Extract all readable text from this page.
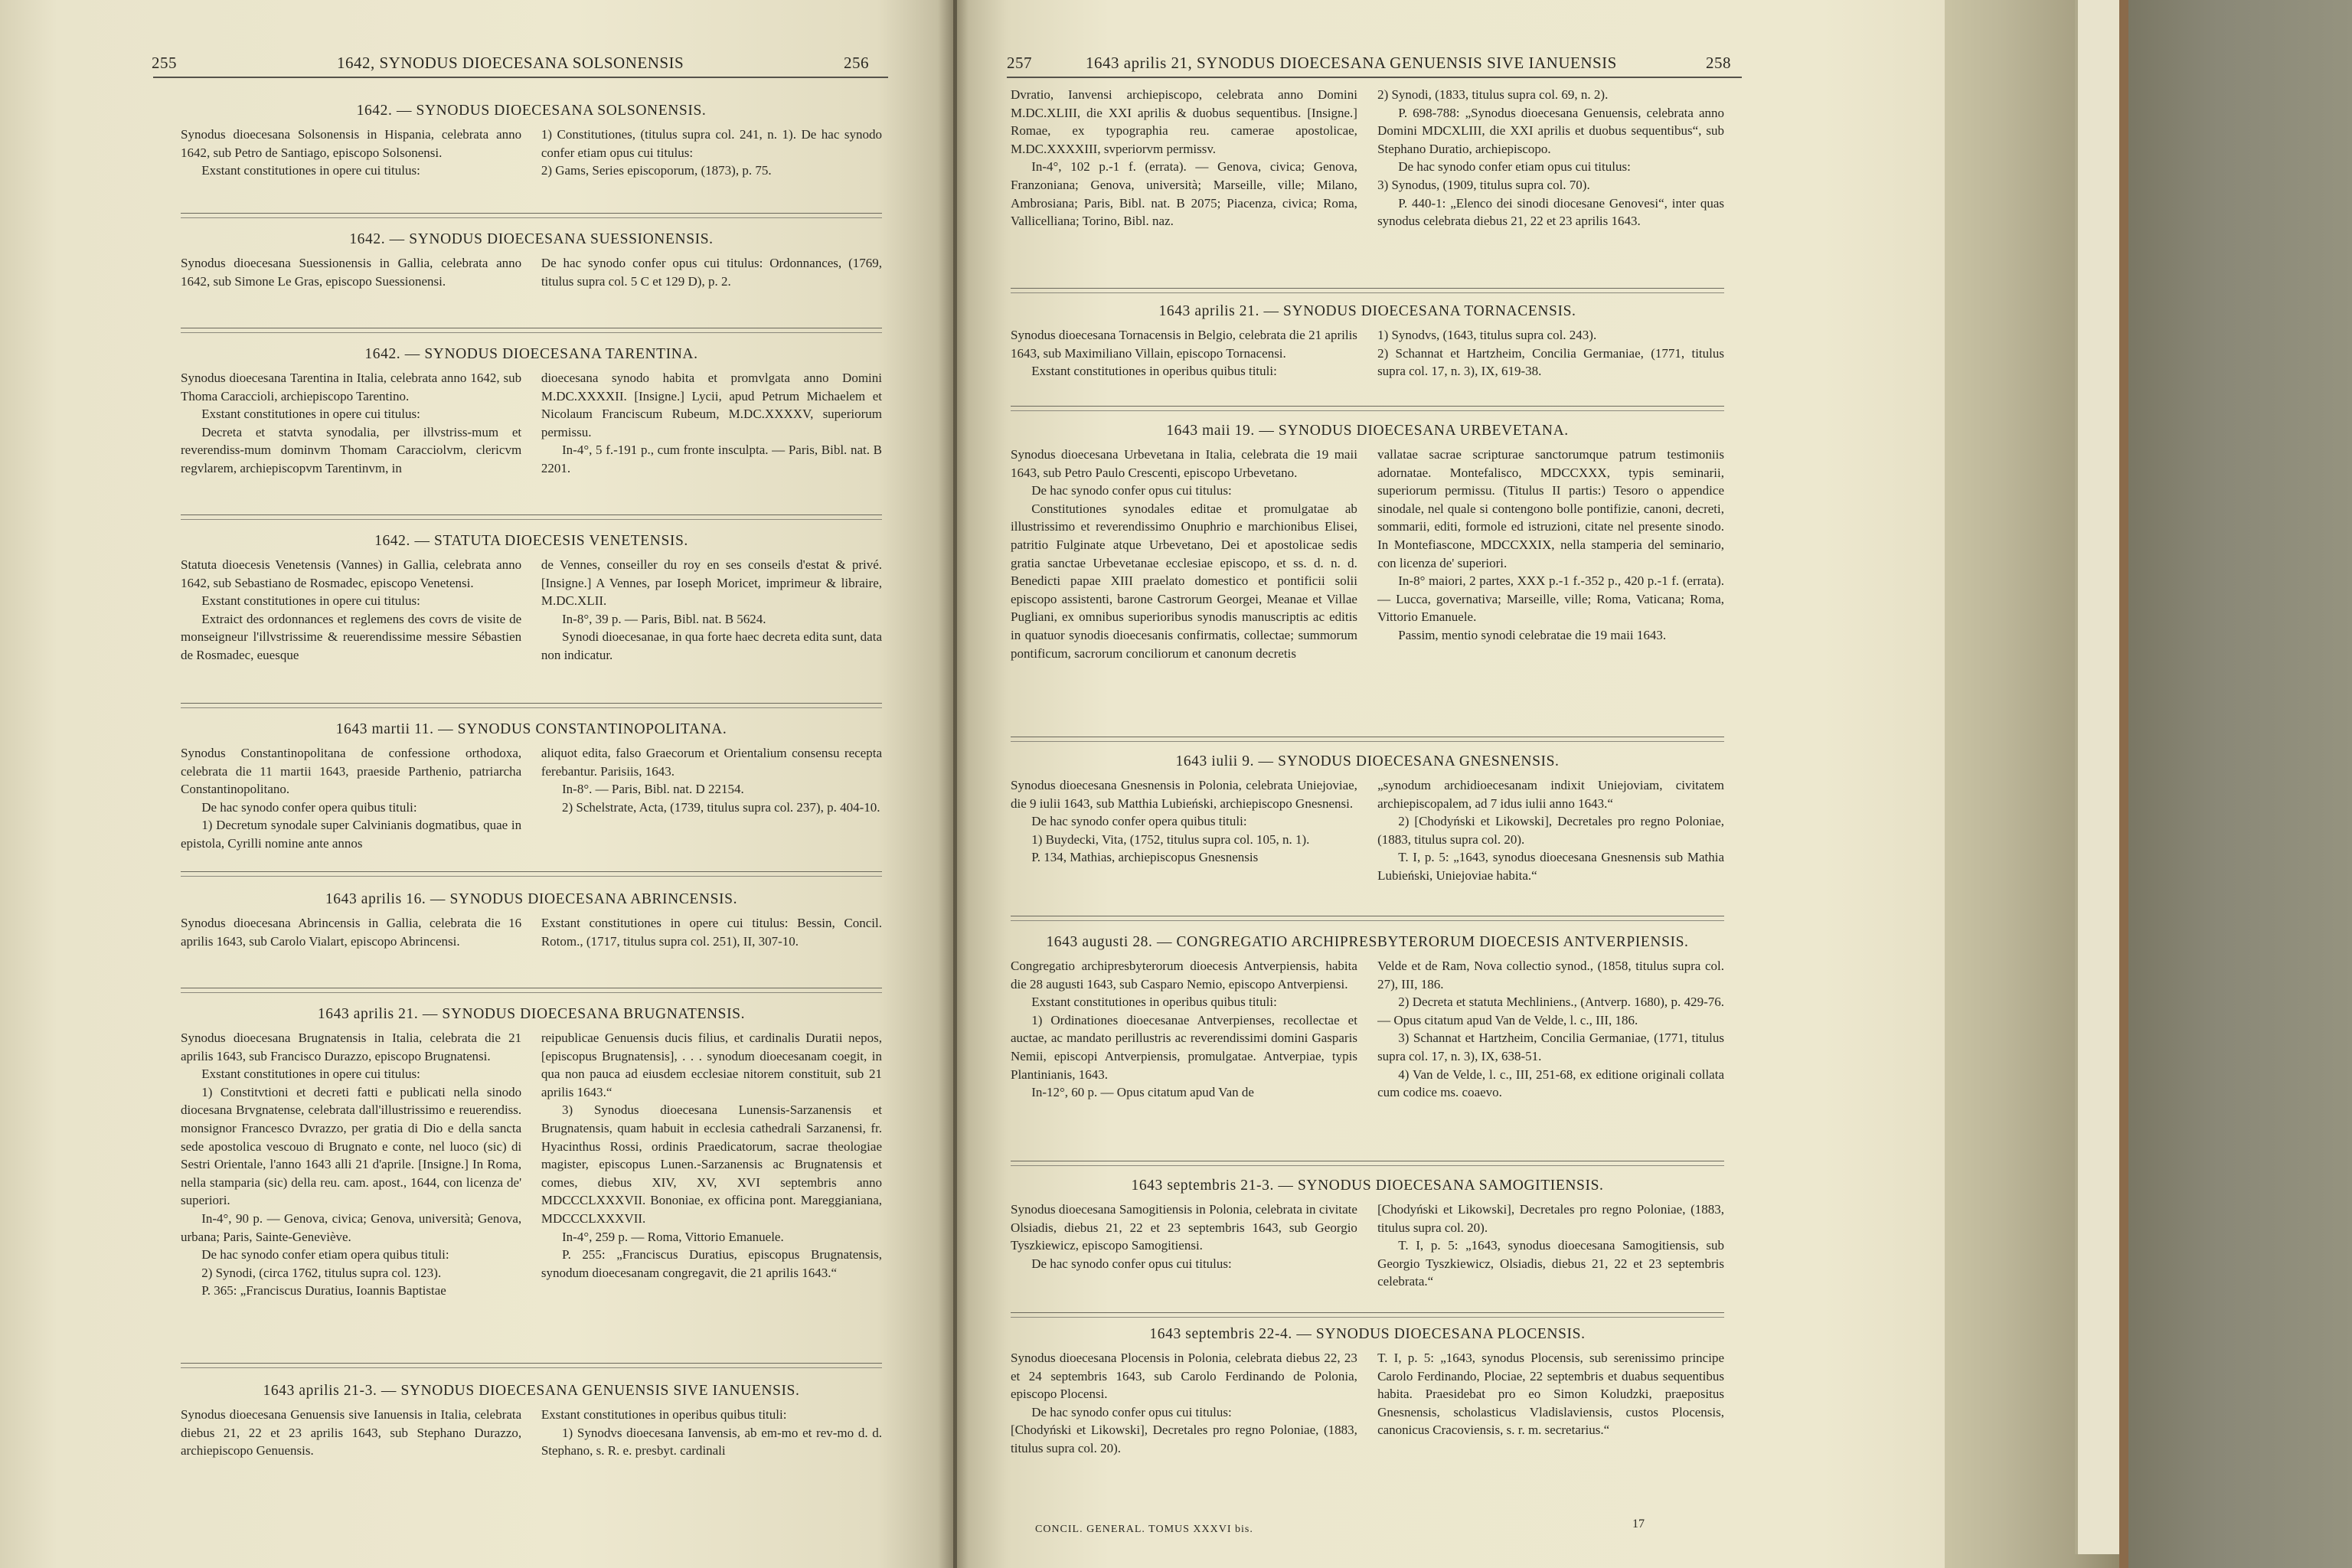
255	1642, SYNODUS DIOECESANA SOLSONENSIS	256
1642. — SYNODUS DIOECESANA SOLSONENSIS.

Synodus dioecesana Solsonensis in Hispania, celebrata anno 1642, sub Petro de Santiago, episcopo Solsonensi.

Exstant constitutiones in opere cui titulus:

1) Constitutiones, (titulus supra col. 241, n. 1). De hac synodo confer etiam opus cui titulus:

2) Gams, Series episcoporum, (1873), p. 75.

1642. — SYNODUS DIOECESANA SUESSIONENSIS.

Synodus dioecesana Suessionensis in Gallia, celebrata anno 1642, sub Simone Le Gras, episcopo Suessionensi.

De hac synodo confer opus cui titulus: Ordonnances, (1769, titulus supra col. 5 C et 129 D), p. 2.

1642. — SYNODUS DIOECESANA TARENTINA.

Synodus dioecesana Tarentina in Italia, celebrata anno 1642, sub Thoma Caraccioli, archiepiscopo Tarentino.

Exstant constitutiones in opere cui titulus:

Decreta et statvta synodalia, per illvstriss-mum et reverendiss-mum dominvm Thomam Caracciolvm, clericvm regvlarem, archiepiscopvm Tarentinvm, in

dioecesana synodo habita et promvlgata anno Domini M.DC.XXXXII. [Insigne.] Lycii, apud Petrum Michaelem et Nicolaum Franciscum Rubeum, M.DC.XXXXV, superiorum permissu.

In-4°, 5 f.-191 p., cum fronte insculpta. — Paris, Bibl. nat. B 2201.

1642. — STATUTA DIOECESIS VENETENSIS.

Statuta dioecesis Venetensis (Vannes) in Gallia, celebrata anno 1642, sub Sebastiano de Rosmadec, episcopo Venetensi.

Exstant constitutiones in opere cui titulus:

Extraict des ordonnances et reglemens des covrs de visite de monseigneur l'illvstrissime & reuerendissime messire Sébastien de Rosmadec, euesque

de Vennes, conseiller du roy en ses conseils d'estat & privé. [Insigne.] A Vennes, par Ioseph Moricet, imprimeur & libraire, M.DC.XLII.

In-8°, 39 p. — Paris, Bibl. nat. B 5624.

Synodi dioecesanae, in qua forte haec decreta edita sunt, data non indicatur.

1643 martii 11. — SYNODUS CONSTANTINOPOLITANA.

Synodus Constantinopolitana de confessione orthodoxa, celebrata die 11 martii 1643, praeside Parthenio, patriarcha Constantinopolitano.

De hac synodo confer opera quibus tituli:

1) Decretum synodale super Calvinianis dogmatibus, quae in epistola, Cyrilli nomine ante annos

aliquot edita, falso Graecorum et Orientalium consensu recepta ferebantur. Parisiis, 1643.

In-8°. — Paris, Bibl. nat. D 22154.

2) Schelstrate, Acta, (1739, titulus supra col. 237), p. 404-10.

1643 aprilis 16. — SYNODUS DIOECESANA ABRINCENSIS.

Synodus dioecesana Abrincensis in Gallia, celebrata die 16 aprilis 1643, sub Carolo Vialart, episcopo Abrincensi.

Exstant constitutiones in opere cui titulus: Bessin, Concil. Rotom., (1717, titulus supra col. 251), II, 307-10.

1643 aprilis 21. — SYNODUS DIOECESANA BRUGNATENSIS.

Synodus dioecesana Brugnatensis in Italia, celebrata die 21 aprilis 1643, sub Francisco Durazzo, episcopo Brugnatensi.

Exstant constitutiones in opere cui titulus:

1) Constitvtioni et decreti fatti e publicati nella sinodo diocesana Brvgnatense, celebrata dall'illustrissimo e reuerendiss. monsignor Francesco Dvrazzo, per gratia di Dio e della sancta sede apostolica vescouo di Brugnato e conte, nel luoco (sic) di Sestri Orientale, l'anno 1643 alli 21 d'aprile. [Insigne.] In Roma, nella stamparia (sic) della reu. cam. apost., 1644, con licenza de' superiori.

In-4°, 90 p. — Genova, civica; Genova, università; Genova, urbana; Paris, Sainte-Geneviève.

De hac synodo confer etiam opera quibus tituli:

2) Synodi, (circa 1762, titulus supra col. 123).

P. 365: „Franciscus Duratius, Ioannis Baptistae

reipublicae Genuensis ducis filius, et cardinalis Duratii nepos, [episcopus Brugnatensis], . . . synodum dioecesanam coegit, in qua non pauca ad eiusdem ecclesiae nitorem constituit, sub 21 aprilis 1643.“

3) Synodus dioecesana Lunensis-Sarzanensis et Brugnatensis, quam habuit in ecclesia cathedrali Sarzanensi, fr. Hyacinthus Rossi, ordinis Praedicatorum, sacrae theologiae magister, episcopus Lunen.-Sarzanensis ac Brugnatensis et comes, diebus XIV, XV, XVI septembris anno MDCCCLXXXVII. Bononiae, ex officina pont. Mareggianiana, MDCCCLXXXVII.

In-4°, 259 p. — Roma, Vittorio Emanuele.

P. 255: „Franciscus Duratius, episcopus Brugnatensis, synodum dioecesanam congregavit, die 21 aprilis 1643.“

1643 aprilis 21-3. — SYNODUS DIOECESANA GENUENSIS SIVE IANUENSIS.

Synodus dioecesana Genuensis sive Ianuensis in Italia, celebrata diebus 21, 22 et 23 aprilis 1643, sub Stephano Durazzo, archiepiscopo Genuensis.

Exstant constitutiones in operibus quibus tituli:

1) Synodvs dioecesana Ianvensis, ab em-mo et rev-mo d. d. Stephano, s. R. e. presbyt. cardinali

257	1643 aprilis 21, SYNODUS DIOECESANA GENUENSIS SIVE IANUENSIS	258

Dvratio, Ianvensi archiepiscopo, celebrata anno Domini M.DC.XLIII, die XXI aprilis & duobus sequentibus. [Insigne.] Romae, ex typographia reu. camerae apostolicae, M.DC.XXXXIII, svperiorvm permissv.

In-4°, 102 p.-1 f. (errata). — Genova, civica; Genova, Franzoniana; Genova, università; Marseille, ville; Milano, Ambrosiana; Paris, Bibl. nat. B 2075; Piacenza, civica; Roma, Vallicelliana; Torino, Bibl. naz.

2) Synodi, (1833, titulus supra col. 69, n. 2).

P. 698-788: „Synodus dioecesana Genuensis, celebrata anno Domini MDCXLIII, die XXI aprilis et duobus sequentibus“, sub Stephano Duratio, archiepiscopo.

De hac synodo confer etiam opus cui titulus:

3) Synodus, (1909, titulus supra col. 70).

P. 440-1: „Elenco dei sinodi diocesane Genovesi“, inter quas synodus celebrata diebus 21, 22 et 23 aprilis 1643.

1643 aprilis 21. — SYNODUS DIOECESANA TORNACENSIS.

Synodus dioecesana Tornacensis in Belgio, celebrata die 21 aprilis 1643, sub Maximiliano Villain, episcopo Tornacensi.

Exstant constitutiones in operibus quibus tituli:

1) Synodvs, (1643, titulus supra col. 243).

2) Schannat et Hartzheim, Concilia Germaniae, (1771, titulus supra col. 17, n. 3), IX, 619-38.

1643 maii 19. — SYNODUS DIOECESANA URBEVETANA.

Synodus dioecesana Urbevetana in Italia, celebrata die 19 maii 1643, sub Petro Paulo Crescenti, episcopo Urbevetano.

De hac synodo confer opus cui titulus:

Constitutiones synodales editae et promulgatae ab illustrissimo et reverendissimo Onuphrio e marchionibus Elisei, patritio Fulginate atque Urbevetano, Dei et apostolicae sedis gratia sanctae Urbevetanae ecclesiae episcopo, et ss. d. n. d. Benedicti papae XIII praelato domestico et pontificii solii episcopo assistenti, barone Castrorum Georgei, Meanae et Villae Pugliani, ex omnibus superioribus synodis manuscriptis ac editis in quatuor synodis dioecesanis confirmatis, collectae; summorum pontificum, sacrorum conciliorum et canonum decretis

vallatae sacrae scripturae sanctorumque patrum testimoniis adornatae. Montefalisco, MDCCXXX, typis seminarii, superiorum permissu. (Titulus II partis:) Tesoro o appendice sinodale, nel quale si contengono bolle pontifizie, canoni, decreti, sommarii, editi, formole ed istruzioni, citate nel presente sinodo. In Montefiascone, MDCCXXIX, nella stamperia del seminario, con licenza de' superiori.

In-8° maiori, 2 partes, XXX p.-1 f.-352 p., 420 p.-1 f. (errata). — Lucca, governativa; Marseille, ville; Roma, Vaticana; Roma, Vittorio Emanuele.

Passim, mentio synodi celebratae die 19 maii 1643.

1643 iulii 9. — SYNODUS DIOECESANA GNESNENSIS.

Synodus dioecesana Gnesnensis in Polonia, celebrata Uniejoviae, die 9 iulii 1643, sub Matthia Lubieński, archiepiscopo Gnesnensi.

De hac synodo confer opera quibus tituli:

1) Buydecki, Vita, (1752, titulus supra col. 105, n. 1).

P. 134, Mathias, archiepiscopus Gnesnensis

„synodum archidioecesanam indixit Uniejoviam, civitatem archiepiscopalem, ad 7 idus iulii anno 1643.“

2) [Chodyński et Likowski], Decretales pro regno Poloniae, (1883, titulus supra col. 20).

T. I, p. 5: „1643, synodus dioecesana Gnesnensis sub Mathia Lubieński, Uniejoviae habita.“

1643 augusti 28. — CONGREGATIO ARCHIPRESBYTERORUM DIOECESIS ANTVERPIENSIS.

Congregatio archipresbyterorum dioecesis Antverpiensis, habita die 28 augusti 1643, sub Casparo Nemio, episcopo Antverpiensi.

Exstant constitutiones in operibus quibus tituli:

1) Ordinationes dioecesanae Antverpienses, recollectae et auctae, ac mandato perillustris ac reverendissimi domini Gasparis Nemii, episcopi Antverpiensis, promulgatae. Antverpiae, typis Plantinianis, 1643.

In-12°, 60 p. — Opus citatum apud Van de

Velde et de Ram, Nova collectio synod., (1858, titulus supra col. 27), III, 186.

2) Decreta et statuta Mechliniens., (Antverp. 1680), p. 429-76. — Opus citatum apud Van de Velde, l. c., III, 186.

3) Schannat et Hartzheim, Concilia Germaniae, (1771, titulus supra col. 17, n. 3), IX, 638-51.

4) Van de Velde, l. c., III, 251-68, ex editione originali collata cum codice ms. coaevo.

1643 septembris 21-3. — SYNODUS DIOECESANA SAMOGITIENSIS.

Synodus dioecesana Samogitiensis in Polonia, celebrata in civitate Olsiadis, diebus 21, 22 et 23 septembris 1643, sub Georgio Tyszkiewicz, episcopo Samogitiensi.

De hac synodo confer opus cui titulus:

[Chodyński et Likowski], Decretales pro regno Poloniae, (1883, titulus supra col. 20).

T. I, p. 5: „1643, synodus dioecesana Samogitiensis, sub Georgio Tyszkiewicz, Olsiadis, diebus 21, 22 et 23 septembris celebrata.“

1643 septembris 22-4. — SYNODUS DIOECESANA PLOCENSIS.

Synodus dioecesana Plocensis in Polonia, celebrata diebus 22, 23 et 24 septembris 1643, sub Carolo Ferdinando de Polonia, episcopo Plocensi.

De hac synodo confer opus cui titulus:

[Chodyński et Likowski], Decretales pro regno Poloniae, (1883, titulus supra col. 20).

T. I, p. 5: „1643, synodus Plocensis, sub serenissimo principe Carolo Ferdinando, Plociae, 22 septembris et duabus sequentibus habita. Praesidebat pro eo Simon Koludzki, praepositus Gnesnensis, scholasticus Vladislaviensis, custos Plocensis, canonicus Cracoviensis, s. r. m. secretarius.“

CONCIL. GENERAL. TOMUS XXXVI bis.	17
